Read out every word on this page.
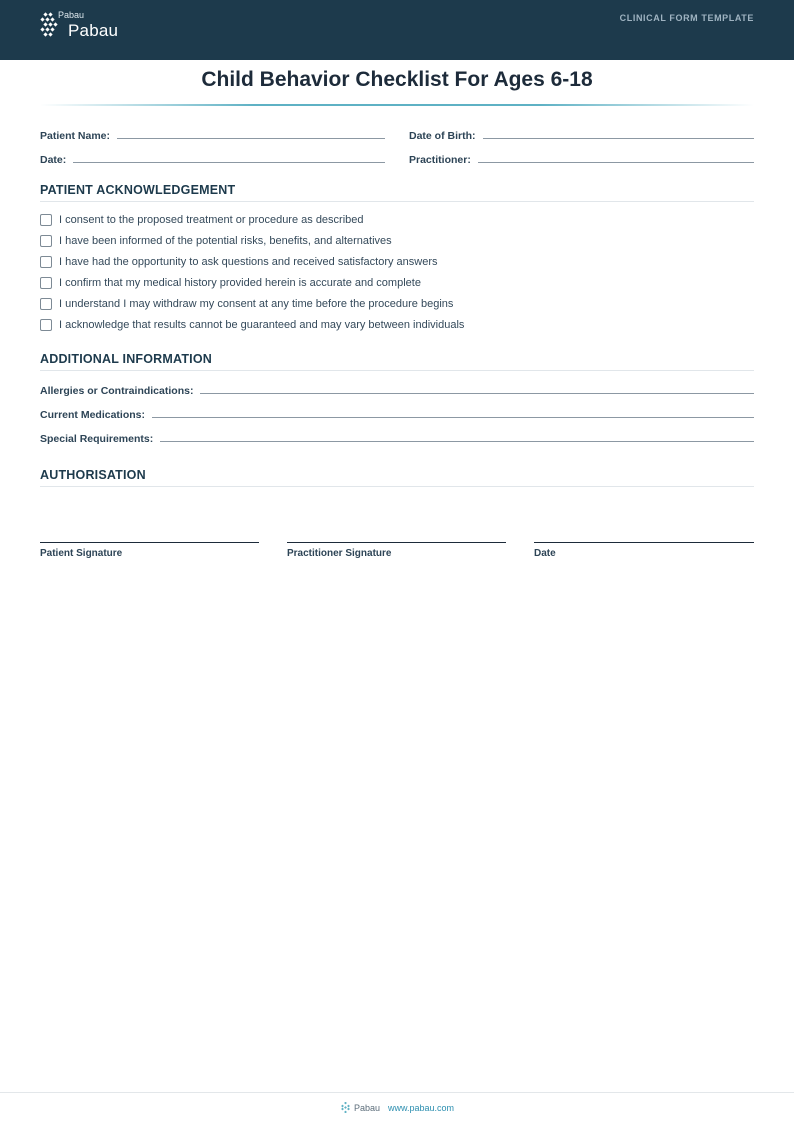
Pabau
Pabau
CLINICAL FORM TEMPLATE
Child Behavior Checklist For Ages 6-18
Patient Name:	Date of Birth:
Date:	Practitioner:
PATIENT ACKNOWLEDGEMENT
I consent to the proposed treatment or procedure as described
I have been informed of the potential risks, benefits, and alternatives
I have had the opportunity to ask questions and received satisfactory answers
I confirm that my medical history provided herein is accurate and complete
I understand I may withdraw my consent at any time before the procedure begins
I acknowledge that results cannot be guaranteed and may vary between individuals
ADDITIONAL INFORMATION
Allergies or Contraindications:
Current Medications:
Special Requirements:
AUTHORISATION
Patient Signature	Practitioner Signature	Date
Pabau www.pabau.com
